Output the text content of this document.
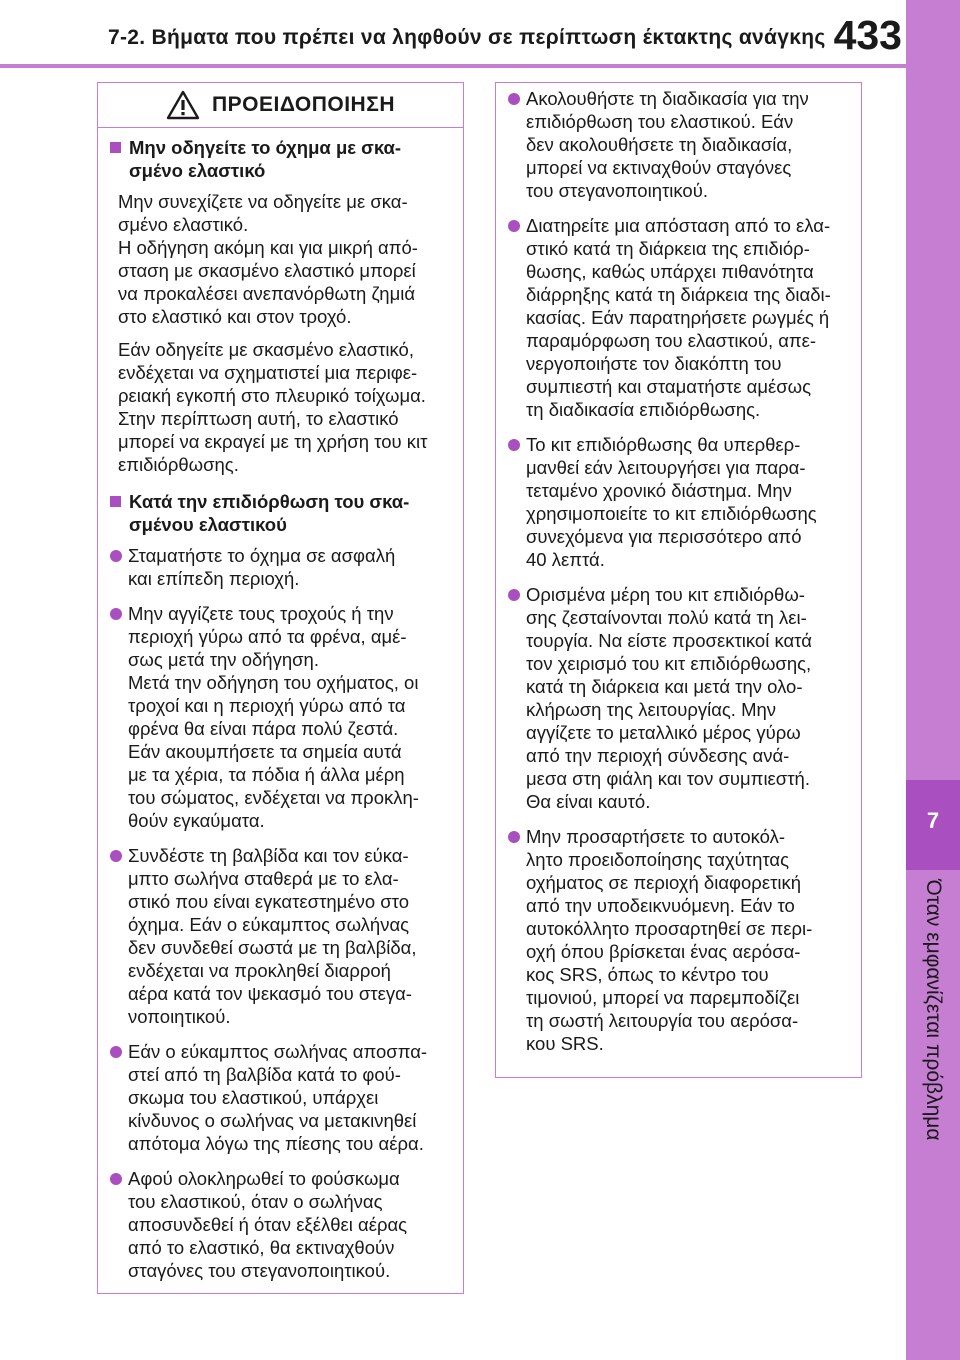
7-2. Βήματα που πρέπει να ληφθούν σε περίπτωση έκτακτης ανάγκης 433
7
Όταν εμφανίζεται πρόβλημα
ΠΡΟΕΙΔΟΠΟΙΗΣΗ
Μην οδηγείτε το όχημα με σκα-
σμένο ελαστικό
Μην συνεχίζετε να οδηγείτε με σκα-
σμένο ελαστικό.
Η οδήγηση ακόμη και για μικρή από-
σταση με σκασμένο ελαστικό μπορεί
να προκαλέσει ανεπανόρθωτη ζημιά
στο ελαστικό και στον τροχό.
Εάν οδηγείτε με σκασμένο ελαστικό,
ενδέχεται να σχηματιστεί μια περιφε-
ρειακή εγκοπή στο πλευρικό τοίχωμα.
Στην περίπτωση αυτή, το ελαστικό
μπορεί να εκραγεί με τη χρήση του κιτ
επιδιόρθωσης.
Κατά την επιδιόρθωση του σκα-
σμένου ελαστικού
Σταματήστε το όχημα σε ασφαλή
και επίπεδη περιοχή.
Μην αγγίζετε τους τροχούς ή την
περιοχή γύρω από τα φρένα, αμέ-
σως μετά την οδήγηση.
Μετά την οδήγηση του οχήματος, οι
τροχοί και η περιοχή γύρω από τα
φρένα θα είναι πάρα πολύ ζεστά.
Εάν ακουμπήσετε τα σημεία αυτά
με τα χέρια, τα πόδια ή άλλα μέρη
του σώματος, ενδέχεται να προκλη-
θούν εγκαύματα.
Συνδέστε τη βαλβίδα και τον εύκα-
μπτο σωλήνα σταθερά με το ελα-
στικό που είναι εγκατεστημένο στο
όχημα. Εάν ο εύκαμπτος σωλήνας
δεν συνδεθεί σωστά με τη βαλβίδα,
ενδέχεται να προκληθεί διαρροή
αέρα κατά τον ψεκασμό του στεγα-
νοποιητικού.
Εάν ο εύκαμπτος σωλήνας αποσπα-
στεί από τη βαλβίδα κατά το φού-
σκωμα του ελαστικού, υπάρχει
κίνδυνος ο σωλήνας να μετακινηθεί
απότομα λόγω της πίεσης του αέρα.
Αφού ολοκληρωθεί το φούσκωμα
του ελαστικού, όταν ο σωλήνας
αποσυνδεθεί ή όταν εξέλθει αέρας
από το ελαστικό, θα εκτιναχθούν
σταγόνες του στεγανοποιητικού.
Ακολουθήστε τη διαδικασία για την
επιδιόρθωση του ελαστικού. Εάν
δεν ακολουθήσετε τη διαδικασία,
μπορεί να εκτιναχθούν σταγόνες
του στεγανοποιητικού.
Διατηρείτε μια απόσταση από το ελα-
στικό κατά τη διάρκεια της επιδιόρ-
θωσης, καθώς υπάρχει πιθανότητα
διάρρηξης κατά τη διάρκεια της διαδι-
κασίας. Εάν παρατηρήσετε ρωγμές ή
παραμόρφωση του ελαστικού, απε-
νεργοποιήστε τον διακόπτη του
συμπιεστή και σταματήστε αμέσως
τη διαδικασία επιδιόρθωσης.
Το κιτ επιδιόρθωσης θα υπερθερ-
μανθεί εάν λειτουργήσει για παρα-
τεταμένο χρονικό διάστημα. Μην
χρησιμοποιείτε το κιτ επιδιόρθωσης
συνεχόμενα για περισσότερο από
40 λεπτά.
Ορισμένα μέρη του κιτ επιδιόρθω-
σης ζεσταίνονται πολύ κατά τη λει-
τουργία. Να είστε προσεκτικοί κατά
τον χειρισμό του κιτ επιδιόρθωσης,
κατά τη διάρκεια και μετά την ολο-
κλήρωση της λειτουργίας. Μην
αγγίζετε το μεταλλικό μέρος γύρω
από την περιοχή σύνδεσης ανά-
μεσα στη φιάλη και τον συμπιεστή.
Θα είναι καυτό.
Μην προσαρτήσετε το αυτοκόλ-
λητο προειδοποίησης ταχύτητας
οχήματος σε περιοχή διαφορετική
από την υποδεικνυόμενη. Εάν το
αυτοκόλλητο προσαρτηθεί σε περι-
οχή όπου βρίσκεται ένας αερόσα-
κος SRS, όπως το κέντρο του
τιμονιού, μπορεί να παρεμποδίζει
τη σωστή λειτουργία του αερόσα-
κου SRS.
